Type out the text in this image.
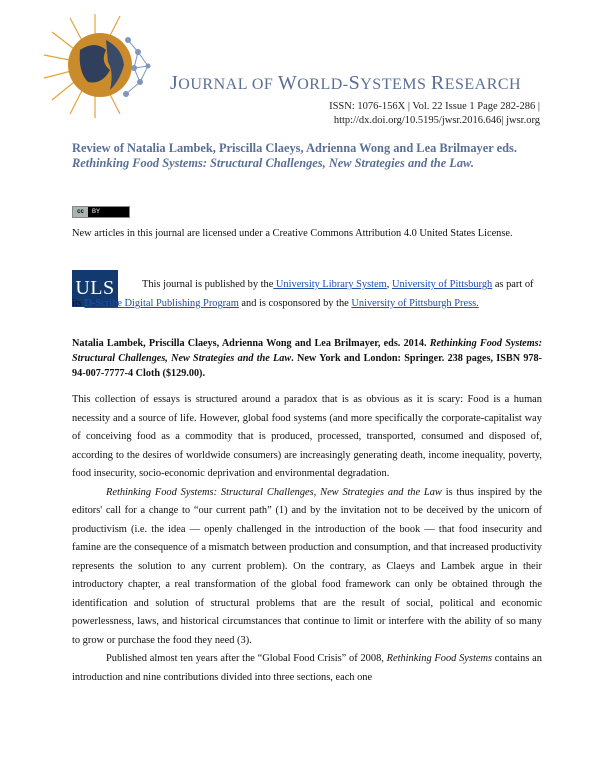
JOURNAL OF WORLD-SYSTEMS RESEARCH
ISSN: 1076-156X | Vol. 22 Issue 1 Page 282-286 |
http://dx.doi.org/10.5195/jwsr.2016.646| jwsr.org
Review of Natalia Lambek, Priscilla Claeys, Adrienna Wong and Lea Brilmayer eds. Rethinking Food Systems: Structural Challenges, New Strategies and the Law.
cc	BY
New articles in this journal are licensed under a Creative Commons Attribution 4.0 United States License.
ULS	This journal is published by the University Library System, University of Pittsburgh as part of its D-Scribe Digital Publishing Program and is cosponsored by the University of Pittsburgh Press.
Natalia Lambek, Priscilla Claeys, Adrienna Wong and Lea Brilmayer, eds. 2014. Rethinking Food Systems: Structural Challenges, New Strategies and the Law. New York and London: Springer. 238 pages, ISBN 978-94-007-7777-4 Cloth ($129.00).

This collection of essays is structured around a paradox that is as obvious as it is scary: Food is a human necessity and a source of life. However, global food systems (and more specifically the corporate-capitalist way of conceiving food as a commodity that is produced, processed, transported, consumed and disposed of, according to the desires of worldwide consumers) are increasingly generating death, income inequality, poverty, food insecurity, socio-economic deprivation and environmental degradation.

Rethinking Food Systems: Structural Challenges, New Strategies and the Law is thus inspired by the editors' call for a change to “our current path” (1) and by the invitation not to be deceived by the unicorn of productivism (i.e. the idea — openly challenged in the introduction of the book — that food insecurity and famine are the consequence of a mismatch between production and consumption, and that increased productivity represents the solution to any current problem). On the contrary, as Claeys and Lambek argue in their introductory chapter, a real transformation of the global food framework can only be obtained through the identification and solution of structural problems that are the result of social, political and economic powerlessness, laws, and historical circumstances that continue to limit or interfere with the ability of so many to grow or purchase the food they need (3).

Published almost ten years after the “Global Food Crisis” of 2008, Rethinking Food Systems contains an introduction and nine contributions divided into three sections, each one
